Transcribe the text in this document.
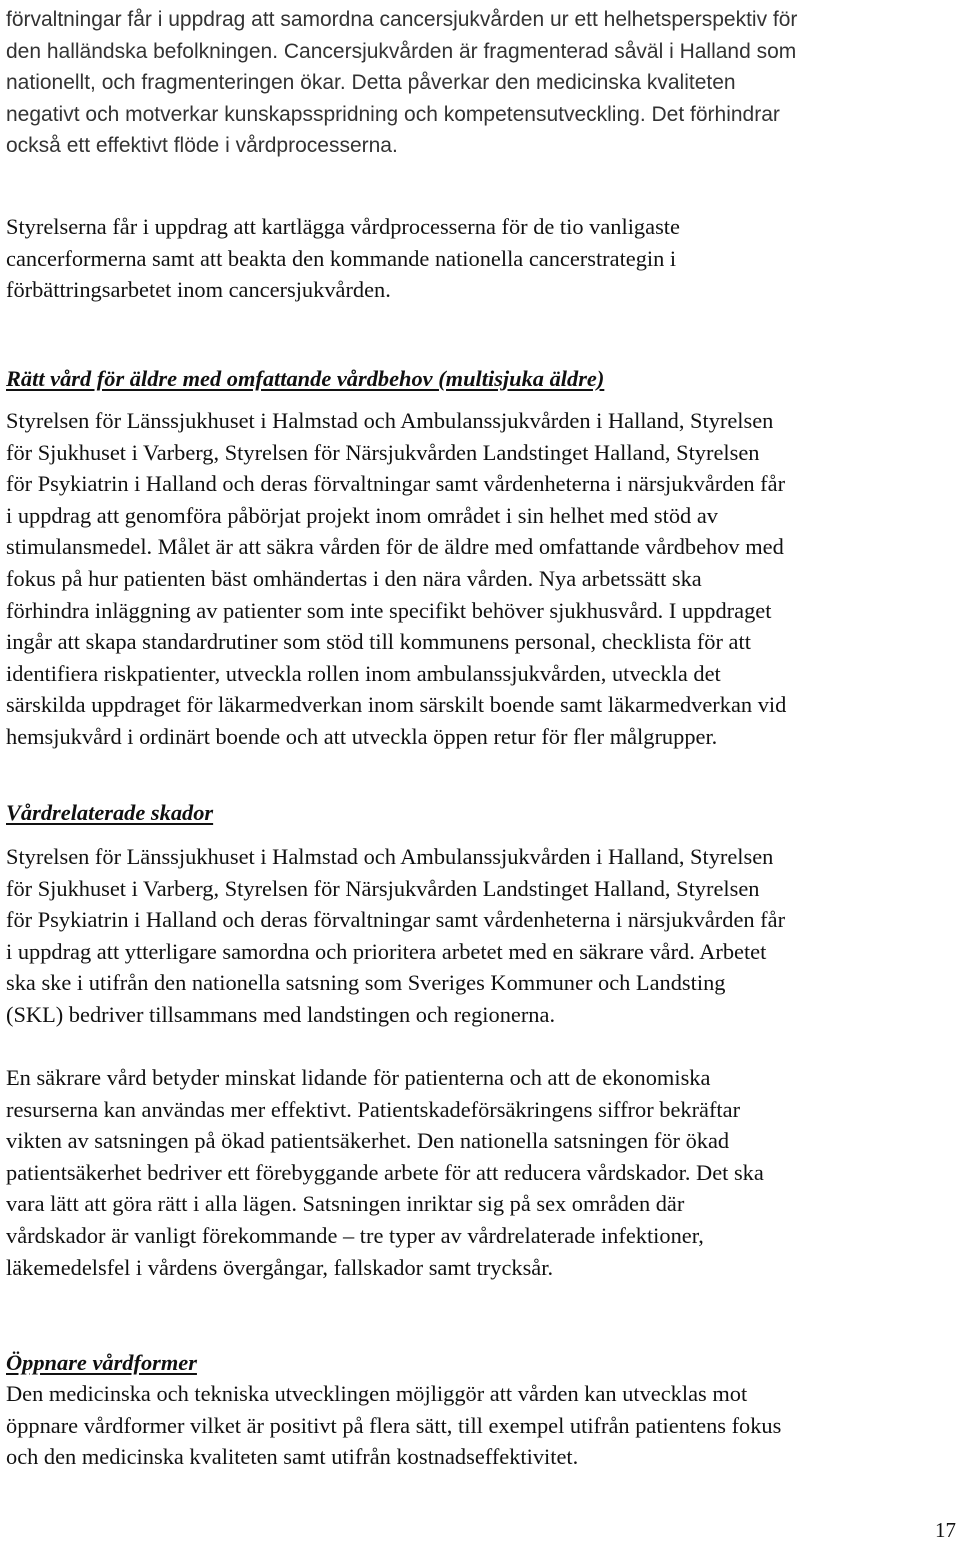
förvaltningar får i uppdrag att samordna cancersjukvården ur ett helhetsperspektiv för
den halländska befolkningen. Cancersjukvården är fragmenterad såväl i Halland som
nationellt, och fragmenteringen ökar. Detta påverkar den medicinska kvaliteten
negativt och motverkar kunskapsspridning och kompetensutveckling. Det förhindrar
också ett effektivt flöde i vårdprocesserna.
Styrelserna får i uppdrag att kartlägga vårdprocesserna för de tio vanligaste
cancerformerna samt att beakta den kommande nationella cancerstrategin i
förbättringsarbetet inom cancersjukvården.
Rätt vård för äldre med omfattande vårdbehov (multisjuka äldre)
Styrelsen för Länssjukhuset i Halmstad och Ambulanssjukvården i Halland, Styrelsen
för Sjukhuset i Varberg, Styrelsen för Närsjukvården Landstinget Halland, Styrelsen
för Psykiatrin i Halland och deras förvaltningar samt vårdenheterna i närsjukvården får
i uppdrag att genomföra påbörjat projekt inom området i sin helhet med stöd av
stimulansmedel. Målet är att säkra vården för de äldre med omfattande vårdbehov med
fokus på hur patienten bäst omhändertas i den nära vården. Nya arbetssätt ska
förhindra inläggning av patienter som inte specifikt behöver sjukhusvård. I uppdraget
ingår att skapa standardrutiner som stöd till kommunens personal, checklista för att
identifiera riskpatienter, utveckla rollen inom ambulanssjukvården, utveckla det
särskilda uppdraget för läkarmedverkan inom särskilt boende samt läkarmedverkan vid
hemsjukvård i ordinärt boende och att utveckla öppen retur för fler målgrupper.
Vårdrelaterade skador
Styrelsen för Länssjukhuset i Halmstad och Ambulanssjukvården i Halland, Styrelsen
för Sjukhuset i Varberg, Styrelsen för Närsjukvården Landstinget Halland, Styrelsen
för Psykiatrin i Halland och deras förvaltningar samt vårdenheterna i närsjukvården får
i uppdrag att ytterligare samordna och prioritera arbetet med en säkrare vård. Arbetet
ska ske i utifrån den nationella satsning som Sveriges Kommuner och Landsting
(SKL) bedriver tillsammans med landstingen och regionerna.
En säkrare vård betyder minskat lidande för patienterna och att de ekonomiska
resurserna kan användas mer effektivt. Patientskadeförsäkringens siffror bekräftar
vikten av satsningen på ökad patientsäkerhet. Den nationella satsningen för ökad
patientsäkerhet bedriver ett förebyggande arbete för att reducera vårdskador. Det ska
vara lätt att göra rätt i alla lägen. Satsningen inriktar sig på sex områden där
vårdskador är vanligt förekommande – tre typer av vårdrelaterade infektioner,
läkemedelsfel i vårdens övergångar, fallskador samt trycksår.
Öppnare vårdformer
Den medicinska och tekniska utvecklingen möjliggör att vården kan utvecklas mot
öppnare vårdformer vilket är positivt på flera sätt, till exempel utifrån patientens fokus
och den medicinska kvaliteten samt utifrån kostnadseffektivitet.
17
